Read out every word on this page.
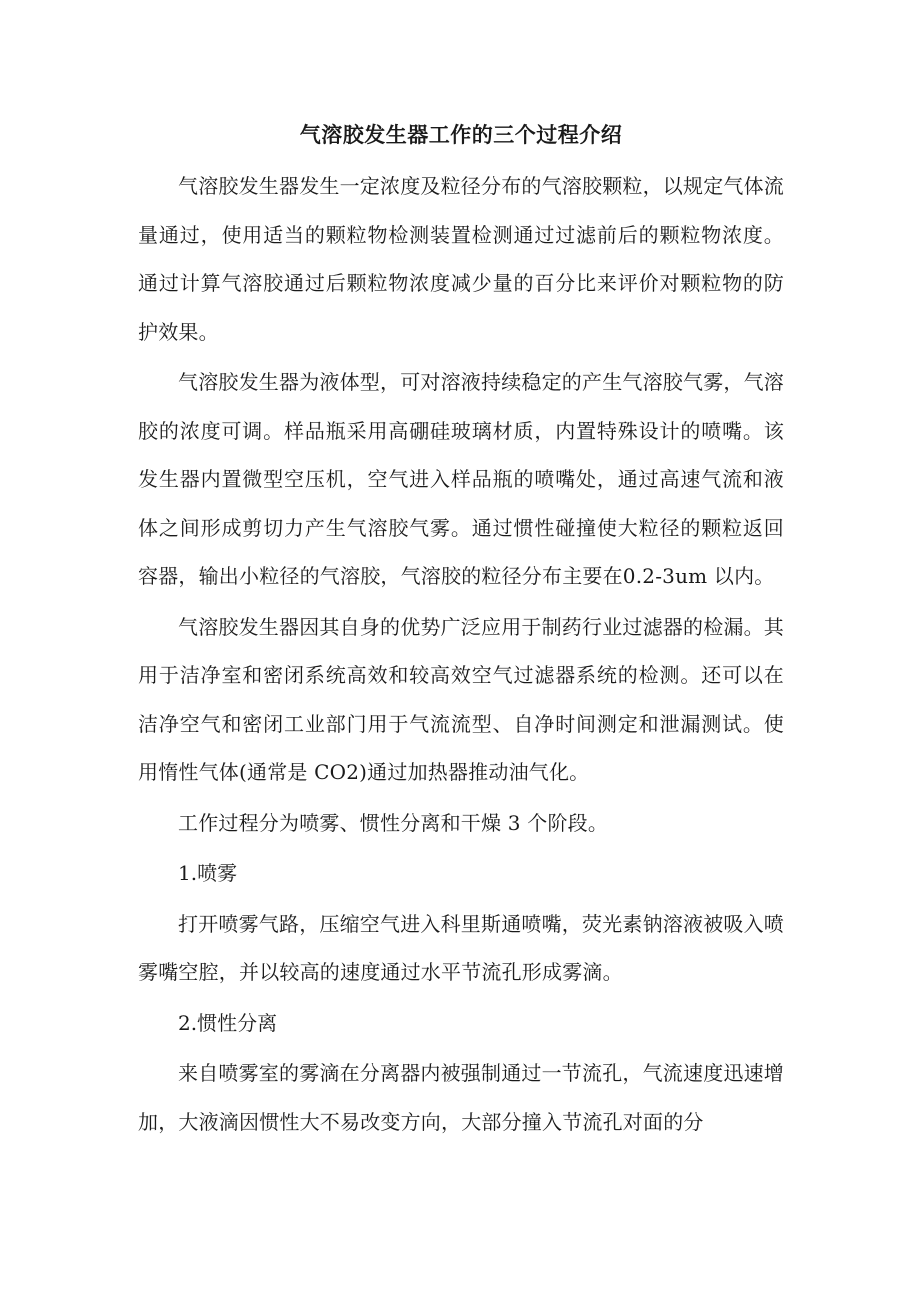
气溶胶发生器工作的三个过程介绍

气溶胶发生器发生一定浓度及粒径分布的气溶胶颗粒，以规定气体流量通过，使用适当的颗粒物检测装置检测通过过滤前后的颗粒物浓度。通过计算气溶胶通过后颗粒物浓度减少量的百分比来评价对颗粒物的防护效果。

气溶胶发生器为液体型，可对溶液持续稳定的产生气溶胶气雾，气溶胶的浓度可调。样品瓶采用高硼硅玻璃材质，内置特殊设计的喷嘴。该发生器内置微型空压机，空气进入样品瓶的喷嘴处，通过高速气流和液体之间形成剪切力产生气溶胶气雾。通过惯性碰撞使大粒径的颗粒返回容器，输出小粒径的气溶胶，气溶胶的粒径分布主要在0.2-3um 以内。

气溶胶发生器因其自身的优势广泛应用于制药行业过滤器的检漏。其用于洁净室和密闭系统高效和较高效空气过滤器系统的检测。还可以在洁净空气和密闭工业部门用于气流流型、自净时间测定和泄漏测试。使用惰性气体(通常是 CO2)通过加热器推动油气化。

工作过程分为喷雾、惯性分离和干燥 3 个阶段。

1.喷雾

打开喷雾气路，压缩空气进入科里斯通喷嘴，荧光素钠溶液被吸入喷雾嘴空腔，并以较高的速度通过水平节流孔形成雾滴。

2.惯性分离

来自喷雾室的雾滴在分离器内被强制通过一节流孔，气流速度迅速增加，大液滴因惯性大不易改变方向，大部分撞入节流孔对面的分
